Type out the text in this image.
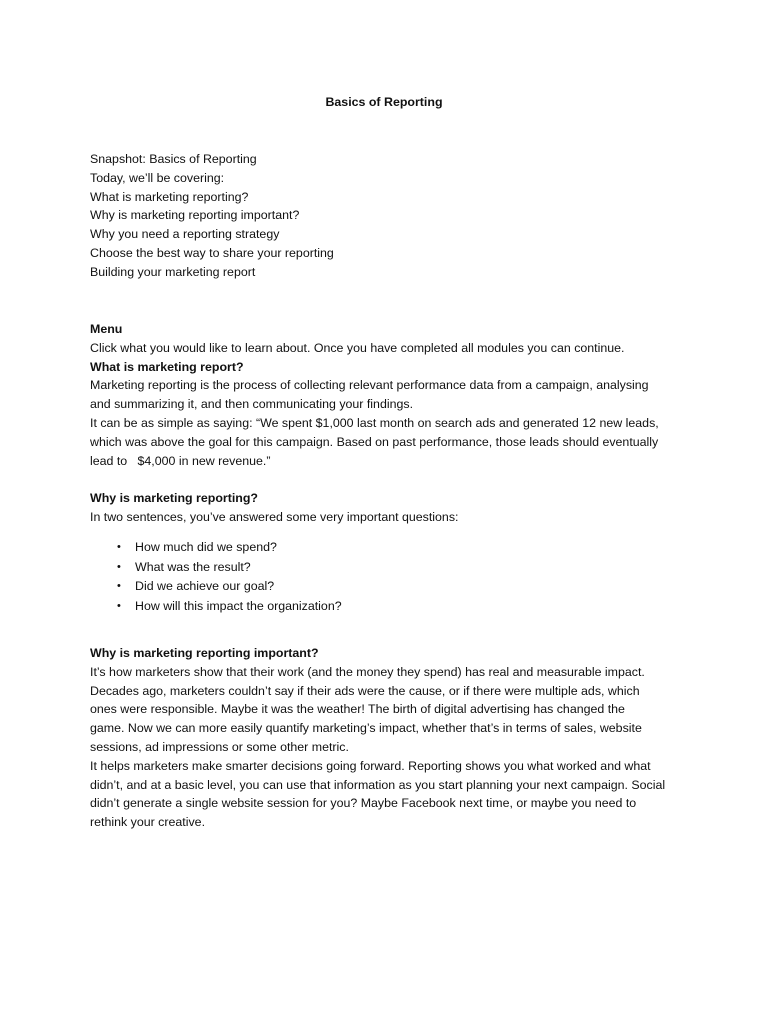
Basics of Reporting
Snapshot: Basics of Reporting
Today, we’ll be covering:
What is marketing reporting?
Why is marketing reporting important?
Why you need a reporting strategy
Choose the best way to share your reporting
Building your marketing report
Menu
Click what you would like to learn about. Once you have completed all modules you can continue.
What is marketing report?
Marketing reporting is the process of collecting relevant performance data from a campaign, analysing
and summarizing it, and then communicating your findings.
It can be as simple as saying: “We spent $1,000 last month on search ads and generated 12 new leads,
which was above the goal for this campaign. Based on past performance, those leads should eventually
lead to   $4,000 in new revenue.”
Why is marketing reporting?
In two sentences, you’ve answered some very important questions:
• How much did we spend?
• What was the result?
• Did we achieve our goal?
• How will this impact the organization?
Why is marketing reporting important?
It’s how marketers show that their work (and the money they spend) has real and measurable impact.
Decades ago, marketers couldn’t say if their ads were the cause, or if there were multiple ads, which
ones were responsible. Maybe it was the weather! The birth of digital advertising has changed the
game. Now we can more easily quantify marketing’s impact, whether that’s in terms of sales, website
sessions, ad impressions or some other metric.
It helps marketers make smarter decisions going forward. Reporting shows you what worked and what
didn’t, and at a basic level, you can use that information as you start planning your next campaign. Social
didn’t generate a single website session for you? Maybe Facebook next time, or maybe you need to
rethink your creative.
